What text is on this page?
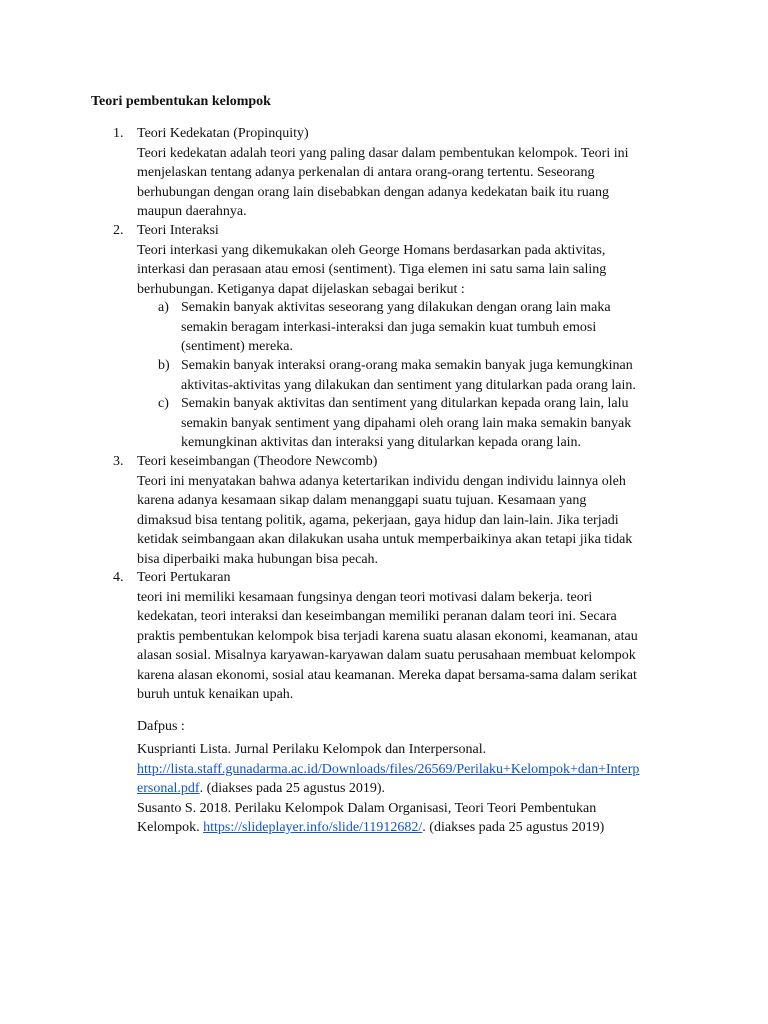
Teori pembentukan kelompok

1. Teori Kedekatan (Propinquity)

Teori kedekatan adalah teori yang paling dasar dalam pembentukan kelompok. Teori ini

menjelaskan tentang adanya perkenalan di antara orang-orang tertentu. Seseorang

berhubungan dengan orang lain disebabkan dengan adanya kedekatan baik itu ruang

maupun daerahnya.

2. Teori Interaksi

Teori interkasi yang dikemukakan oleh George Homans berdasarkan pada aktivitas,

interkasi dan perasaan atau emosi (sentiment). Tiga elemen ini satu sama lain saling

berhubungan. Ketiganya dapat dijelaskan sebagai berikut :

a) Semakin banyak aktivitas seseorang yang dilakukan dengan orang lain maka

semakin beragam interkasi-interaksi dan juga semakin kuat tumbuh emosi

(sentiment) mereka.

b) Semakin banyak interaksi orang-orang maka semakin banyak juga kemungkinan

aktivitas-aktivitas yang dilakukan dan sentiment yang ditularkan pada orang lain.

c) Semakin banyak aktivitas dan sentiment yang ditularkan kepada orang lain, lalu

semakin banyak sentiment yang dipahami oleh orang lain maka semakin banyak

kemungkinan aktivitas dan interaksi yang ditularkan kepada orang lain.

3. Teori keseimbangan (Theodore Newcomb)

Teori ini menyatakan bahwa adanya ketertarikan individu dengan individu lainnya oleh

karena adanya kesamaan sikap dalam menanggapi suatu tujuan. Kesamaan yang

dimaksud bisa tentang politik, agama, pekerjaan, gaya hidup dan lain-lain. Jika terjadi

ketidak seimbangaan akan dilakukan usaha untuk memperbaikinya akan tetapi jika tidak

bisa diperbaiki maka hubungan bisa pecah.

4. Teori Pertukaran

teori ini memiliki kesamaan fungsinya dengan teori motivasi dalam bekerja. teori

kedekatan, teori interaksi dan keseimbangan memiliki peranan dalam teori ini. Secara

praktis pembentukan kelompok bisa terjadi karena suatu alasan ekonomi, keamanan, atau

alasan sosial. Misalnya karyawan-karyawan dalam suatu perusahaan membuat kelompok

karena alasan ekonomi, sosial atau keamanan. Mereka dapat bersama-sama dalam serikat

buruh untuk kenaikan upah.

Dafpus :

Kusprianti Lista. Jurnal Perilaku Kelompok dan Interpersonal.

http://lista.staff.gunadarma.ac.id/Downloads/files/26569/Perilaku+Kelompok+dan+Interp

ersonal.pdf. (diakses pada 25 agustus 2019).

Susanto S. 2018. Perilaku Kelompok Dalam Organisasi, Teori Teori Pembentukan

Kelompok. https://slideplayer.info/slide/11912682/. (diakses pada 25 agustus 2019)
